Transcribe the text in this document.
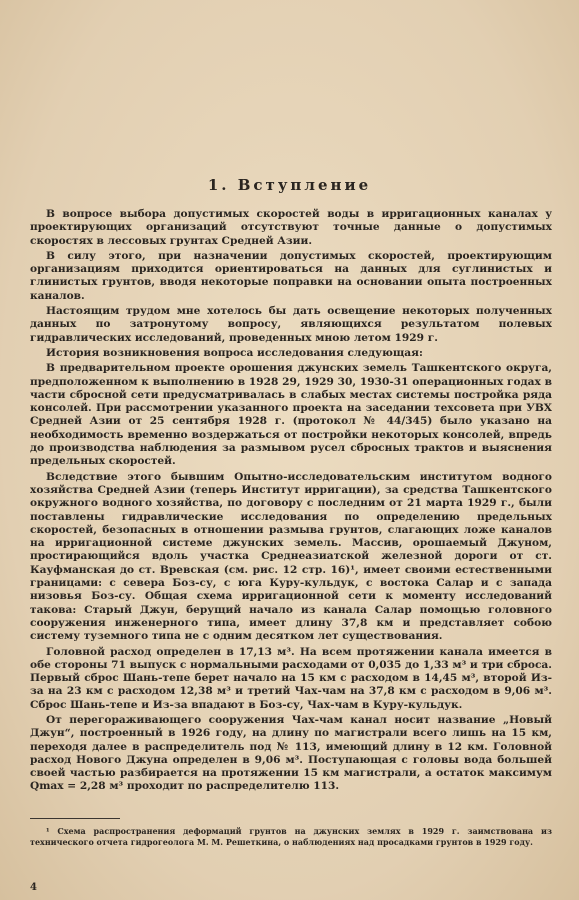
1. Вступление

В вопросе выбора допустимых скоростей воды в ирригационных каналах у проектирующих организаций отсутствуют точные данные о допустимых скоростях в лессовых грунтах Средней Азии.

В силу этого, при назначении допустимых скоростей, проектирующим организациям приходится ориентироваться на данных для суглинистых и глинистых грунтов, вводя некоторые поправки на основании опыта построенных каналов.

Настоящим трудом мне хотелось бы дать освещение некоторых полученных данных по затронутому вопросу, являющихся результатом полевых гидравлических исследований, проведенных мною летом 1929 г.

История возникновения вопроса исследования следующая:

В предварительном проекте орошения джунских земель Ташкентского округа, предположенном к выполнению в 1928 29, 1929 30, 1930-31 операционных годах в части сбросной сети предусматривалась в слабых местах системы постройка ряда консолей. При рассмотрении указанного проекта на заседании техсовета при УВХ Средней Азии от 25 сентября 1928 г. (протокол № 44/345) было указано на необходимость временно воздержаться от постройки некоторых консолей, впредь до производства наблюдения за размывом русел сбросных трактов и выяснения предельных скоростей.

Вследствие этого бывшим Опытно-исследовательским институтом водного хозяйства Средней Азии (теперь Институт ирригации), за средства Ташкентского окружного водного хозяйства, по договору с последним от 21 марта 1929 г., были поставлены гидравлические исследования по определению предельных скоростей, безопасных в отношении размыва грунтов, слагающих ложе каналов на ирригационной системе джунских земель. Массив, орошаемый Джуном, простирающийся вдоль участка Среднеазиатской железной дороги от ст. Кауфманская до ст. Вревская (см. рис. 12 стр. 16)¹, имеет своими естественными границами: с севера Боз-су, с юга Куру-кульдук, с востока Салар и с запада низовья Боз-су. Общая схема ирригационной сети к моменту исследований такова: Старый Джун, берущий начало из канала Салар помощью головного сооружения инженерного типа, имеет длину 37,8 км и представляет собою систему туземного типа не с одним десятком лет существования.

Головной расход определен в 17,13 м³. На всем протяжении канала имеется в обе стороны 71 выпуск с нормальными расходами от 0,035 до 1,33 м³ и три сброса. Первый сброс Шань-тепе берет начало на 15 км с расходом в 14,45 м³, второй Из-за на 23 км с расходом 12,38 м³ и третий Чах-чам на 37,8 км с расходом в 9,06 м³. Сброс Шань-тепе и Из-за впадают в Боз-су, Чах-чам в Куру-кульдук.

От перегораживающего сооружения Чах-чам канал носит название „Новый Джун“, построенный в 1926 году, на длину по магистрали всего лишь на 15 км, переходя далее в распределитель под № 113, имеющий длину в 12 км. Головной расход Нового Джуна определен в 9,06 м³. Поступающая с головы вода большей своей частью разбирается на протяжении 15 км магистрали, а остаток максимум Qmax = 2,28 м³ проходит по распределителю 113.

¹ Схема распространения деформаций грунтов на джунских землях в 1929 г. заимствована из технического отчета гидрогеолога М. М. Решеткина, о наблюдениях над просадками грунтов в 1929 году.

4
